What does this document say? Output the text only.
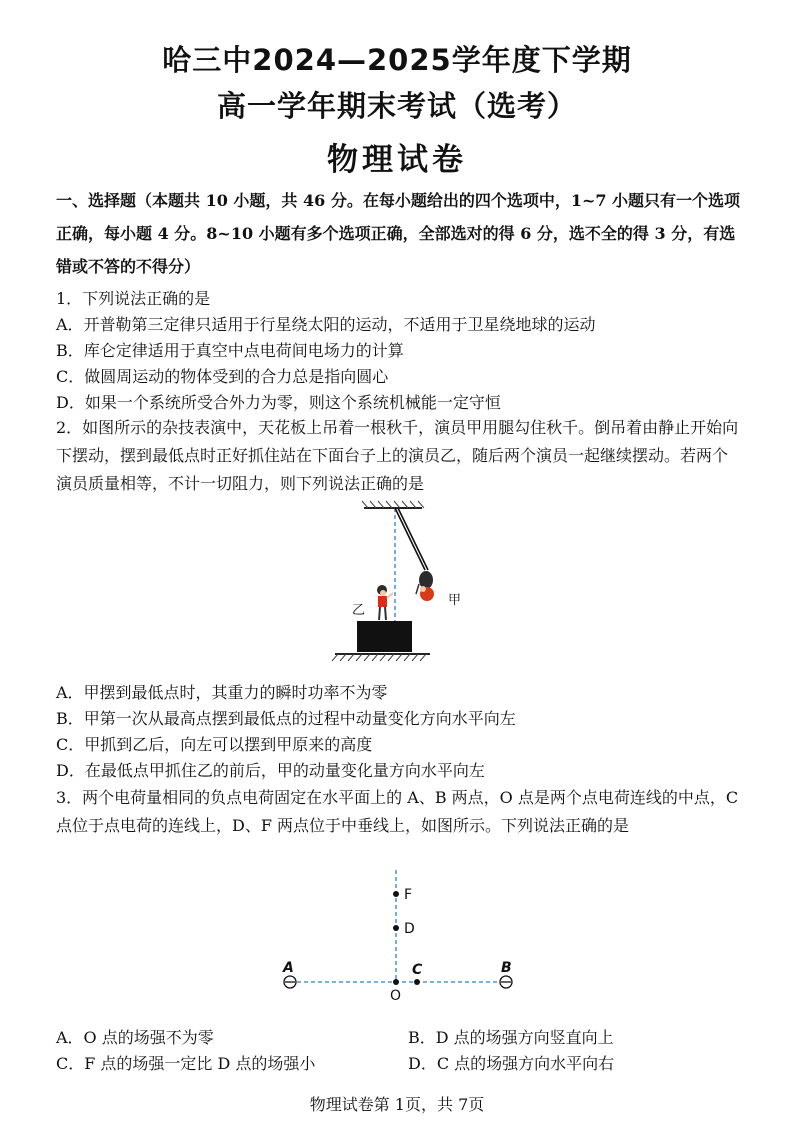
哈三中2024—2025学年度下学期
高一学年期末考试（选考）
物理试卷
一、选择题（本题共 10 小题，共 46 分。在每小题给出的四个选项中，1~7 小题只有一个选项正确，每小题 4 分。8~10 小题有多个选项正确，全部选对的得 6 分，选不全的得 3 分，有选错或不答的不得分）
1．下列说法正确的是
A．开普勒第三定律只适用于行星绕太阳的运动，不适用于卫星绕地球的运动
B．库仑定律适用于真空中点电荷间电场力的计算
C．做圆周运动的物体受到的合力总是指向圆心
D．如果一个系统所受合外力为零，则这个系统机械能一定守恒
2．如图所示的杂技表演中，天花板上吊着一根秋千，演员甲用腿勾住秋千。倒吊着由静止开始向下摆动，摆到最低点时正好抓住站在下面台子上的演员乙，随后两个演员一起继续摆动。若两个演员质量相等，不计一切阻力，则下列说法正确的是
甲
乙
A．甲摆到最低点时，其重力的瞬时功率不为零
B．甲第一次从最高点摆到最低点的过程中动量变化方向水平向左
C．甲抓到乙后，向左可以摆到甲原来的高度
D．在最低点甲抓住乙的前后，甲的动量变化量方向水平向左
3．两个电荷量相同的负点电荷固定在水平面上的 A、B 两点，O 点是两个点电荷连线的中点，C 点位于点电荷的连线上，D、F 两点位于中垂线上，如图所示。下列说法正确的是
F
D
O
C
A	B
A．O 点的场强不为零	B．D 点的场强方向竖直向上
C．F 点的场强一定比 D 点的场强小	D．C 点的场强方向水平向右
物理试卷第 1页，共 7页
